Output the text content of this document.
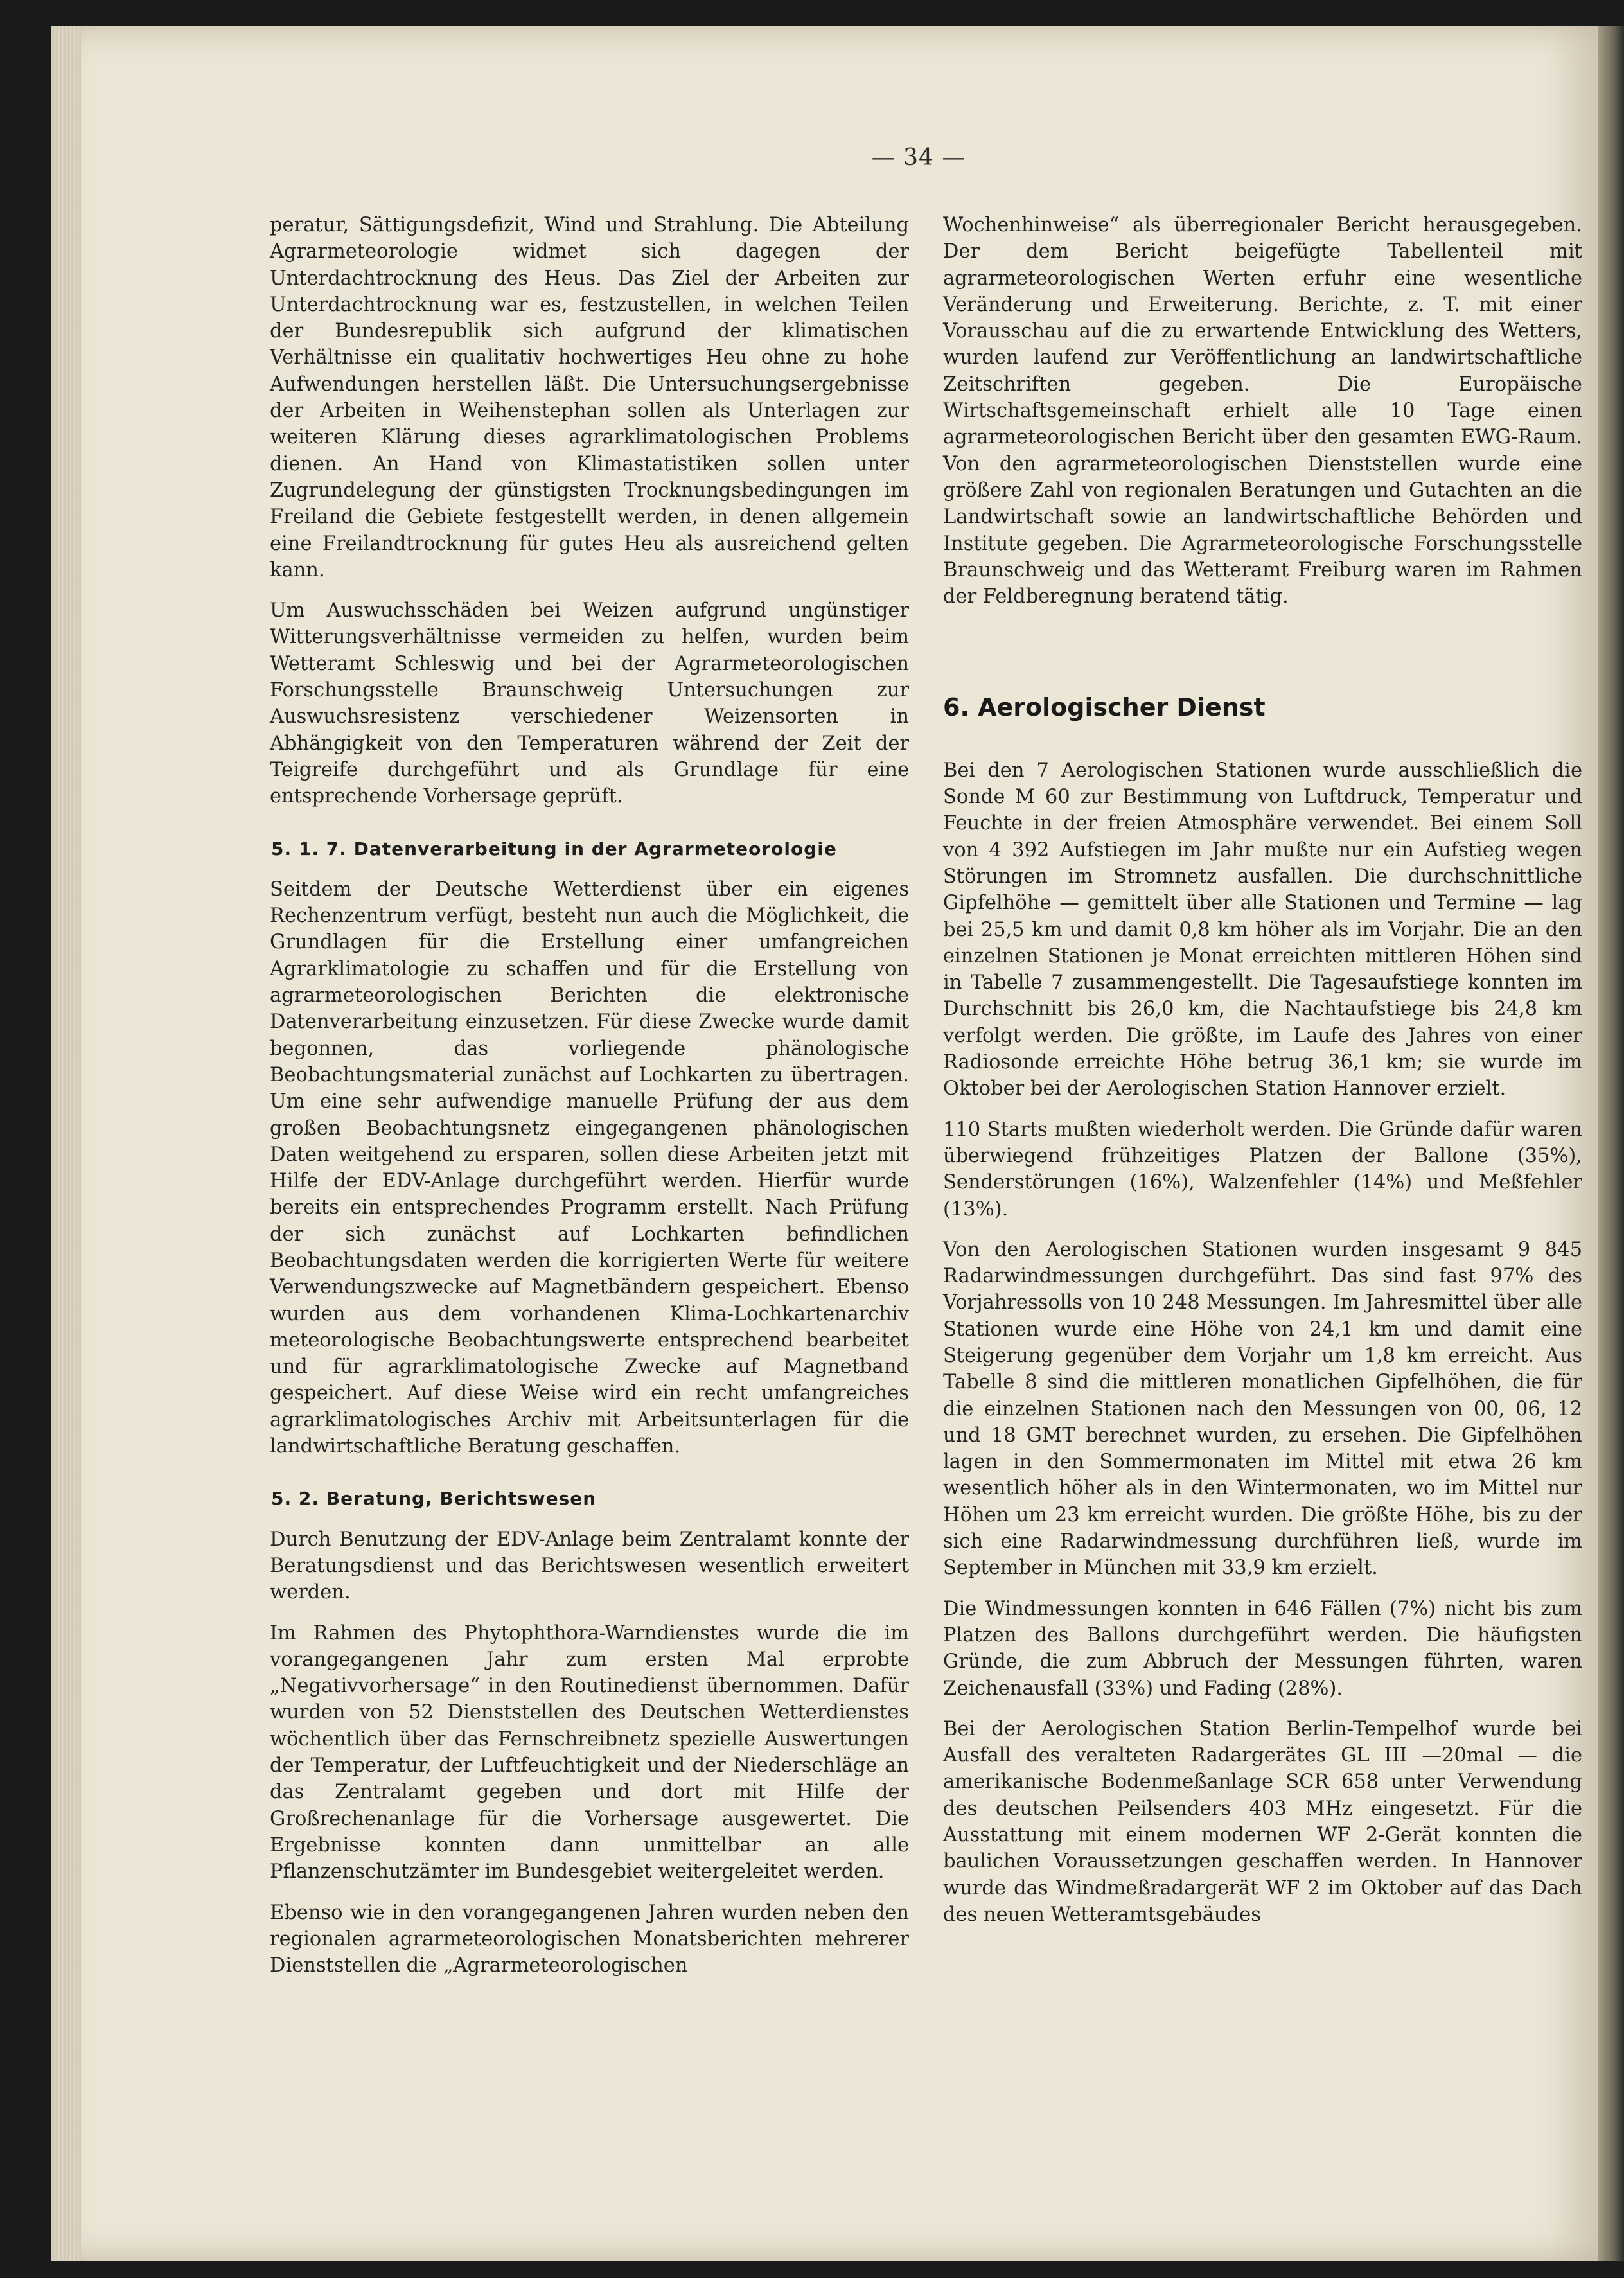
— 34 —

peratur, Sättigungsdefizit, Wind und Strahlung. Die Abteilung Agrarmeteorologie widmet sich dagegen der Unterdachtrocknung des Heus. Das Ziel der Arbeiten zur Unterdachtrocknung war es, festzustellen, in welchen Teilen der Bundesrepublik sich aufgrund der klimatischen Verhältnisse ein qualitativ hochwertiges Heu ohne zu hohe Aufwendungen herstellen läßt. Die Untersuchungsergebnisse der Arbeiten in Weihenstephan sollen als Unterlagen zur weiteren Klärung dieses agrarklimatologischen Problems dienen. An Hand von Klimastatistiken sollen unter Zugrundelegung der günstigsten Trocknungsbedingungen im Freiland die Gebiete festgestellt werden, in denen allgemein eine Freilandtrocknung für gutes Heu als ausreichend gelten kann.

Um Auswuchsschäden bei Weizen aufgrund ungünstiger Witterungsverhältnisse vermeiden zu helfen, wurden beim Wetteramt Schleswig und bei der Agrarmeteorologischen Forschungsstelle Braunschweig Untersuchungen zur Auswuchsresistenz verschiedener Weizensorten in Abhängigkeit von den Temperaturen während der Zeit der Teigreife durchgeführt und als Grundlage für eine entsprechende Vorhersage geprüft.

5. 1. 7. Datenverarbeitung in der Agrarmeteorologie

Seitdem der Deutsche Wetterdienst über ein eigenes Rechenzentrum verfügt, besteht nun auch die Möglichkeit, die Grundlagen für die Erstellung einer umfangreichen Agrarklimatologie zu schaffen und für die Erstellung von agrarmeteorologischen Berichten die elektronische Datenverarbeitung einzusetzen. Für diese Zwecke wurde damit begonnen, das vorliegende phänologische Beobachtungsmaterial zunächst auf Lochkarten zu übertragen. Um eine sehr aufwendige manuelle Prüfung der aus dem großen Beobachtungsnetz eingegangenen phänologischen Daten weitgehend zu ersparen, sollen diese Arbeiten jetzt mit Hilfe der EDV-Anlage durchgeführt werden. Hierfür wurde bereits ein entsprechendes Programm erstellt. Nach Prüfung der sich zunächst auf Lochkarten befindlichen Beobachtungsdaten werden die korrigierten Werte für weitere Verwendungszwecke auf Magnetbändern gespeichert. Ebenso wurden aus dem vorhandenen Klima-Lochkartenarchiv meteorologische Beobachtungswerte entsprechend bearbeitet und für agrarklimatologische Zwecke auf Magnetband gespeichert. Auf diese Weise wird ein recht umfangreiches agrarklimatologisches Archiv mit Arbeitsunterlagen für die landwirtschaftliche Beratung geschaffen.

5. 2. Beratung, Berichtswesen

Durch Benutzung der EDV-Anlage beim Zentralamt konnte der Beratungsdienst und das Berichtswesen wesentlich erweitert werden.

Im Rahmen des Phytophthora-Warndienstes wurde die im vorangegangenen Jahr zum ersten Mal erprobte „Negativvorhersage“ in den Routinedienst übernommen. Dafür wurden von 52 Dienststellen des Deutschen Wetterdienstes wöchentlich über das Fernschreibnetz spezielle Auswertungen der Temperatur, der Luftfeuchtigkeit und der Niederschläge an das Zentralamt gegeben und dort mit Hilfe der Großrechenanlage für die Vorhersage ausgewertet. Die Ergebnisse konnten dann unmittelbar an alle Pflanzenschutzämter im Bundesgebiet weitergeleitet werden.

Ebenso wie in den vorangegangenen Jahren wurden neben den regionalen agrarmeteorologischen Monatsberichten mehrerer Dienststellen die „Agrarmeteorologischen

Wochenhinweise“ als überregionaler Bericht herausgegeben. Der dem Bericht beigefügte Tabellenteil mit agrarmeteorologischen Werten erfuhr eine wesentliche Veränderung und Erweiterung. Berichte, z. T. mit einer Vorausschau auf die zu erwartende Entwicklung des Wetters, wurden laufend zur Veröffentlichung an landwirtschaftliche Zeitschriften gegeben. Die Europäische Wirtschaftsgemeinschaft erhielt alle 10 Tage einen agrarmeteorologischen Bericht über den gesamten EWG-Raum. Von den agrarmeteorologischen Dienststellen wurde eine größere Zahl von regionalen Beratungen und Gutachten an die Landwirtschaft sowie an landwirtschaftliche Behörden und Institute gegeben. Die Agrarmeteorologische Forschungsstelle Braunschweig und das Wetteramt Freiburg waren im Rahmen der Feldberegnung beratend tätig.

6. Aerologischer Dienst

Bei den 7 Aerologischen Stationen wurde ausschließlich die Sonde M 60 zur Bestimmung von Luftdruck, Temperatur und Feuchte in der freien Atmosphäre verwendet. Bei einem Soll von 4 392 Aufstiegen im Jahr mußte nur ein Aufstieg wegen Störungen im Stromnetz ausfallen. Die durchschnittliche Gipfelhöhe — gemittelt über alle Stationen und Termine — lag bei 25,5 km und damit 0,8 km höher als im Vorjahr. Die an den einzelnen Stationen je Monat erreichten mittleren Höhen sind in Tabelle 7 zusammengestellt. Die Tagesaufstiege konnten im Durchschnitt bis 26,0 km, die Nachtaufstiege bis 24,8 km verfolgt werden. Die größte, im Laufe des Jahres von einer Radiosonde erreichte Höhe betrug 36,1 km; sie wurde im Oktober bei der Aerologischen Station Hannover erzielt.

110 Starts mußten wiederholt werden. Die Gründe dafür waren überwiegend frühzeitiges Platzen der Ballone (35%), Senderstörungen (16%), Walzenfehler (14%) und Meßfehler (13%).

Von den Aerologischen Stationen wurden insgesamt 9 845 Radarwindmessungen durchgeführt. Das sind fast 97% des Vorjahressolls von 10 248 Messungen. Im Jahresmittel über alle Stationen wurde eine Höhe von 24,1 km und damit eine Steigerung gegenüber dem Vorjahr um 1,8 km erreicht. Aus Tabelle 8 sind die mittleren monatlichen Gipfelhöhen, die für die einzelnen Stationen nach den Messungen von 00, 06, 12 und 18 GMT berechnet wurden, zu ersehen. Die Gipfelhöhen lagen in den Sommermonaten im Mittel mit etwa 26 km wesentlich höher als in den Wintermonaten, wo im Mittel nur Höhen um 23 km erreicht wurden. Die größte Höhe, bis zu der sich eine Radarwindmessung durchführen ließ, wurde im September in München mit 33,9 km erzielt.

Die Windmessungen konnten in 646 Fällen (7%) nicht bis zum Platzen des Ballons durchgeführt werden. Die häufigsten Gründe, die zum Abbruch der Messungen führten, waren Zeichenausfall (33%) und Fading (28%).

Bei der Aerologischen Station Berlin-Tempelhof wurde bei Ausfall des veralteten Radargerätes GL III —20mal — die amerikanische Bodenmeßanlage SCR 658 unter Verwendung des deutschen Peilsenders 403 MHz eingesetzt. Für die Ausstattung mit einem modernen WF 2-Gerät konnten die baulichen Voraussetzungen geschaffen werden. In Hannover wurde das Windmeßradargerät WF 2 im Oktober auf das Dach des neuen Wetteramtsgebäudes
